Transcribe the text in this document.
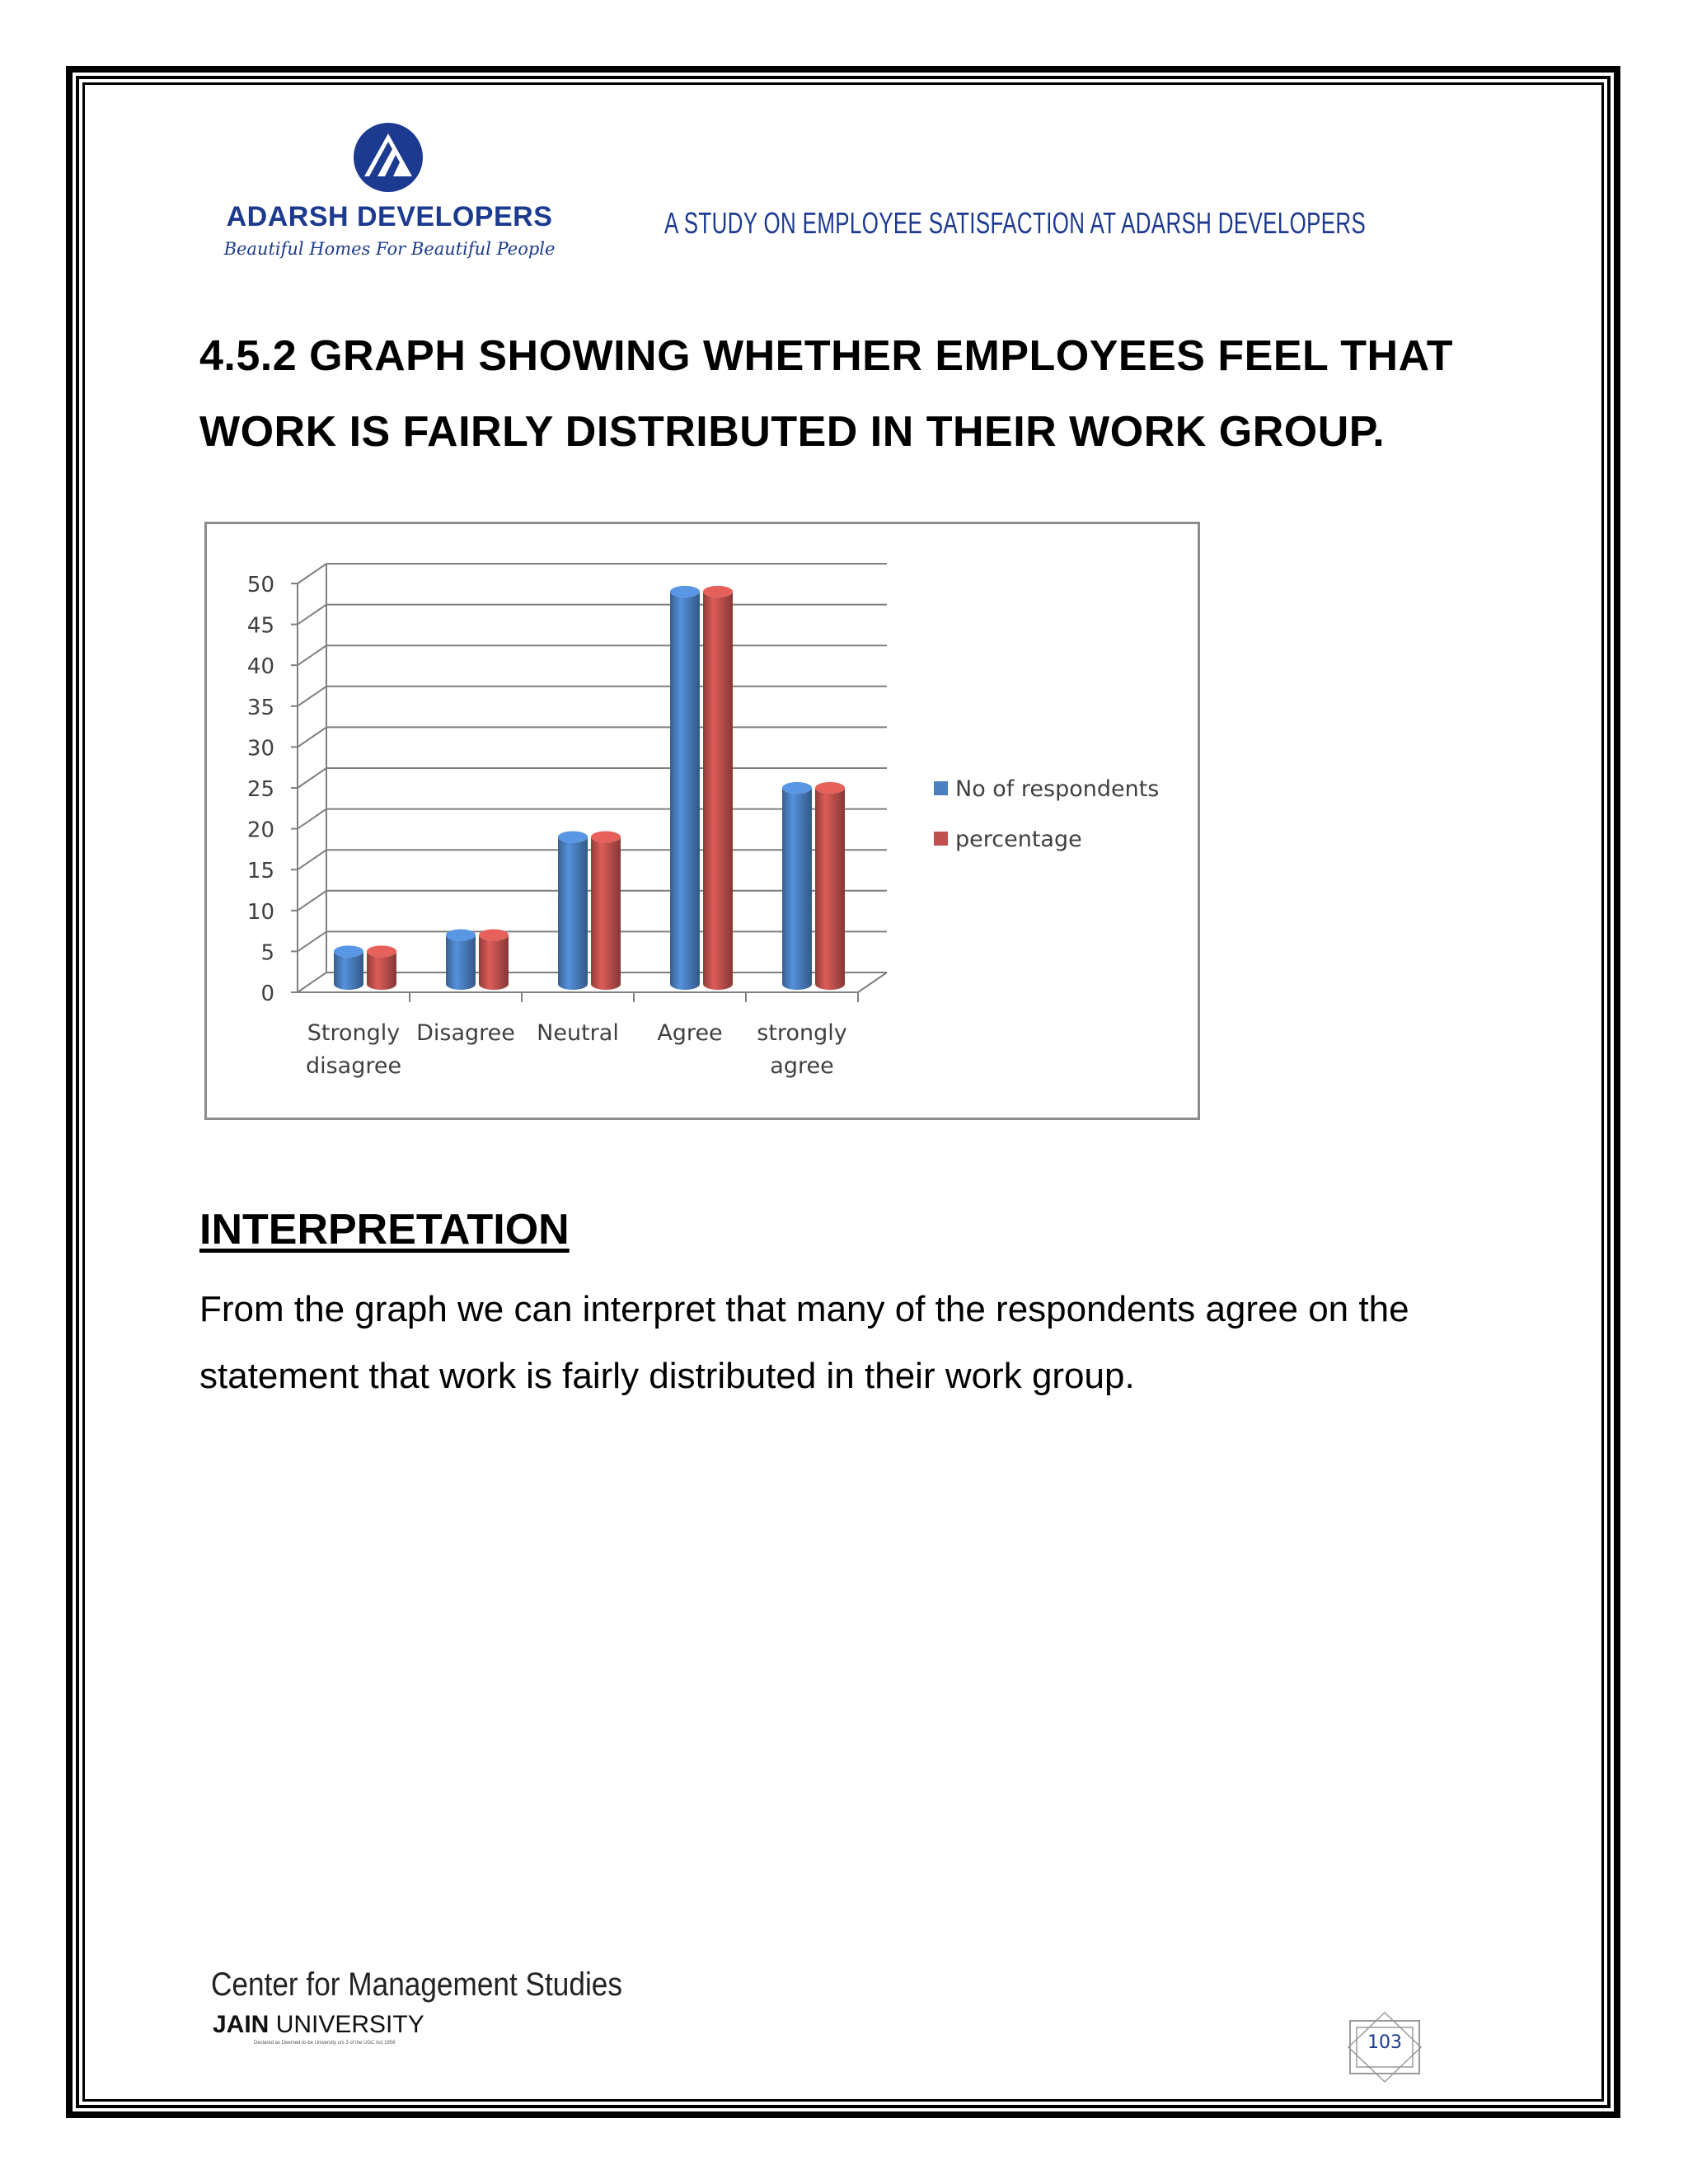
ADARSH DEVELOPERS
Beautiful Homes For Beautiful People
A STUDY ON EMPLOYEE SATISFACTION AT ADARSH DEVELOPERS
4.5.2 GRAPH SHOWING WHETHER EMPLOYEES FEEL THAT WORK IS FAIRLY DISTRIBUTED IN THEIR WORK GROUP.
0
5
10
15
20
25
30
35
40
45
50
Strongly
disagree
Disagree Neutral Agree strongly
agree
No of respondents
percentage
INTERPRETATION
From the graph we can interpret that many of the respondents agree on the statement that work is fairly distributed in their work group.
Center for Management Studies
JAIN UNIVERSITY
Declared as Deemed-to-be University u/s 3 of the UGC Act 1956	103
